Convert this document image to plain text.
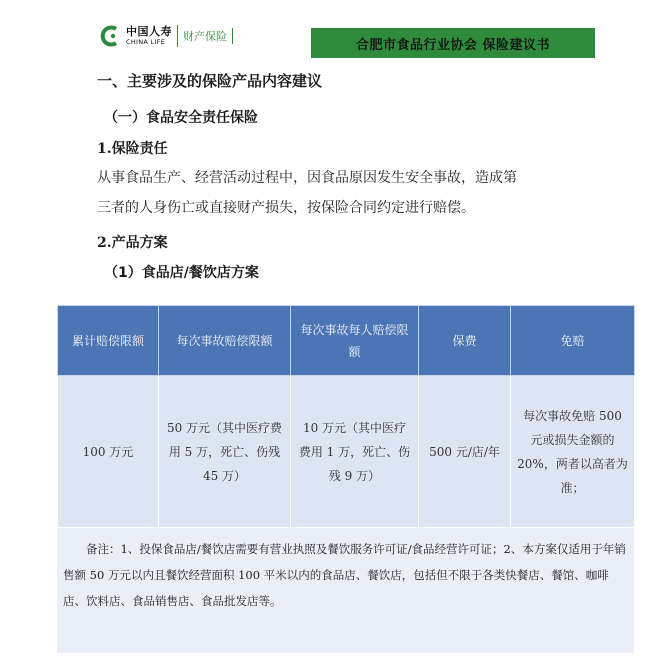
中国人寿
CHINA LIFE	财产保险
合肥市食品行业协会 保险建议书
一、主要涉及的保险产品内容建议
（一）食品安全责任保险
1.保险责任

从事食品生产、经营活动过程中，因食品原因发生安全事故，造成第

三者的人身伤亡或直接财产损失，按保险合同约定进行赔偿。

2.产品方案
（1）食品店/餐饮店方案
累计赔偿限额	每次事故赔偿限额	每次事故每人赔偿限额	保费	免赔
100 万元	50 万元（其中医疗费用 5 万，死亡、伤残 45 万）	10 万元（其中医疗费用 1 万，死亡、伤残 9 万）	500 元/店/年	每次事故免赔 500 元或损失金额的 20%，两者以高者为准；

备注：1、投保食品店/餐饮店需要有营业执照及餐饮服务许可证/食品经营许可证；2、本方案仅适用于年销售额 50 万元以内且餐饮经营面积 100 平米以内的食品店、餐饮店，包括但不限于各类快餐店、餐馆、咖啡店、饮料店、食品销售店、食品批发店等。
